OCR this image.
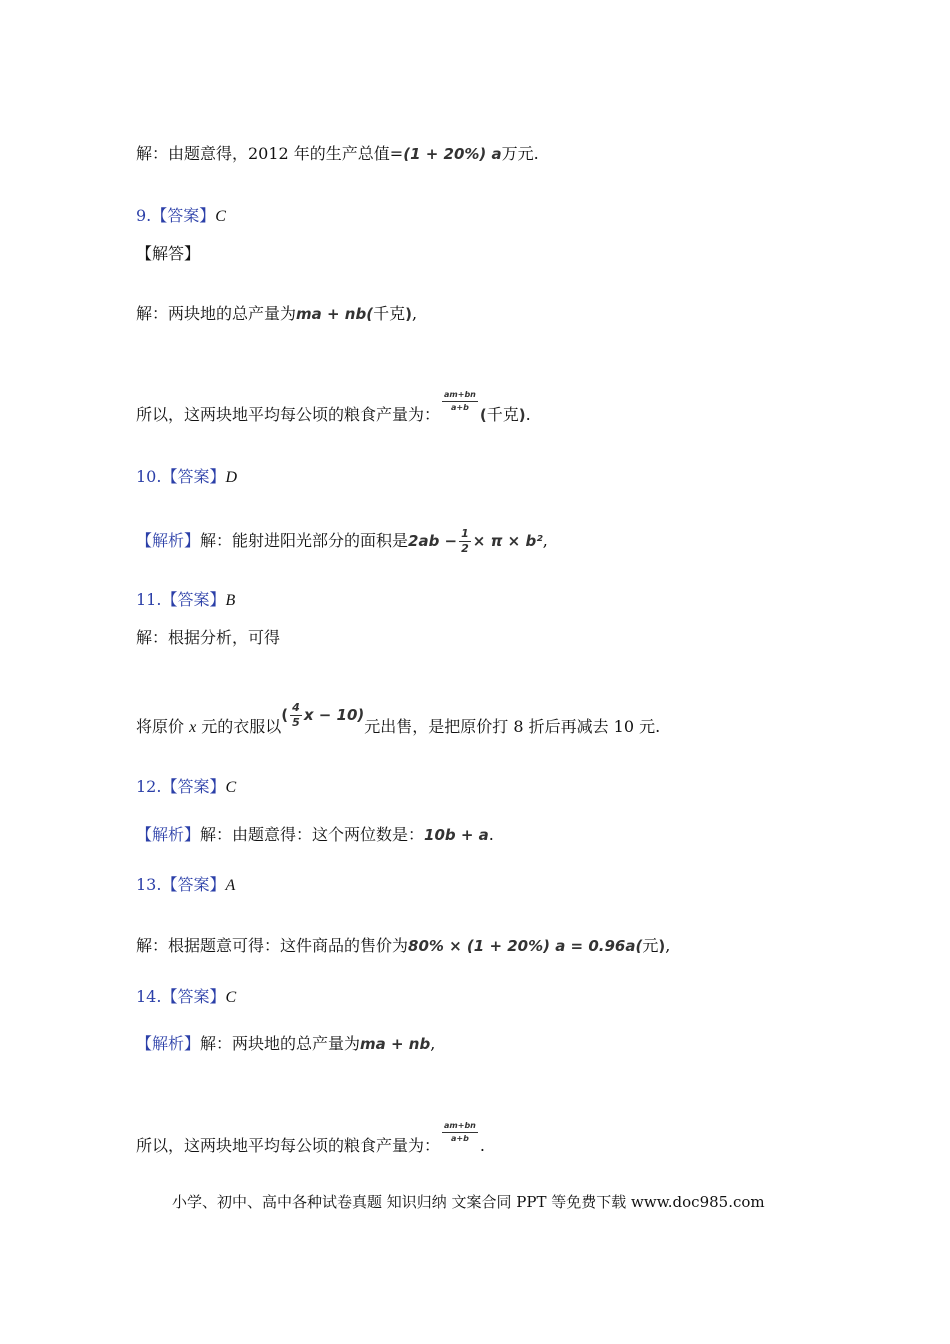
解：由题意得，2012 年的生产总值=(1 + 20%) a万元.
9.【答案】C
【解答】
解：两块地的总产量为ma + nb(千克),
所以，这两块地平均每公顷的粮食产量为：
$\frac{am+bn}{a+b}$
(千克).
10.【答案】D
【解析】解：能射进阳光部分的面积是$2ab - \frac{1}{2} \times \pi \times b^2$,
11.【答案】B
解：根据分析，可得
将原价 x 元的衣服以( $\frac{4}{5}$ x − 10)元出售，是把原价打 8 折后再减去 10 元.
12.【答案】C
【解析】解：由题意得：这个两位数是：10b + a.
13.【答案】A
解：根据题意可得：这件商品的售价为80% × (1 + 20%) a = 0.96a(元),
14.【答案】C
【解析】解：两块地的总产量为ma + nb,
所以，这两块地平均每公顷的粮食产量为：
$\frac{am+bn}{a+b}$
.
小学、初中、高中各种试卷真题 知识归纳 文案合同 PPT 等免费下载 www.doc985.com
